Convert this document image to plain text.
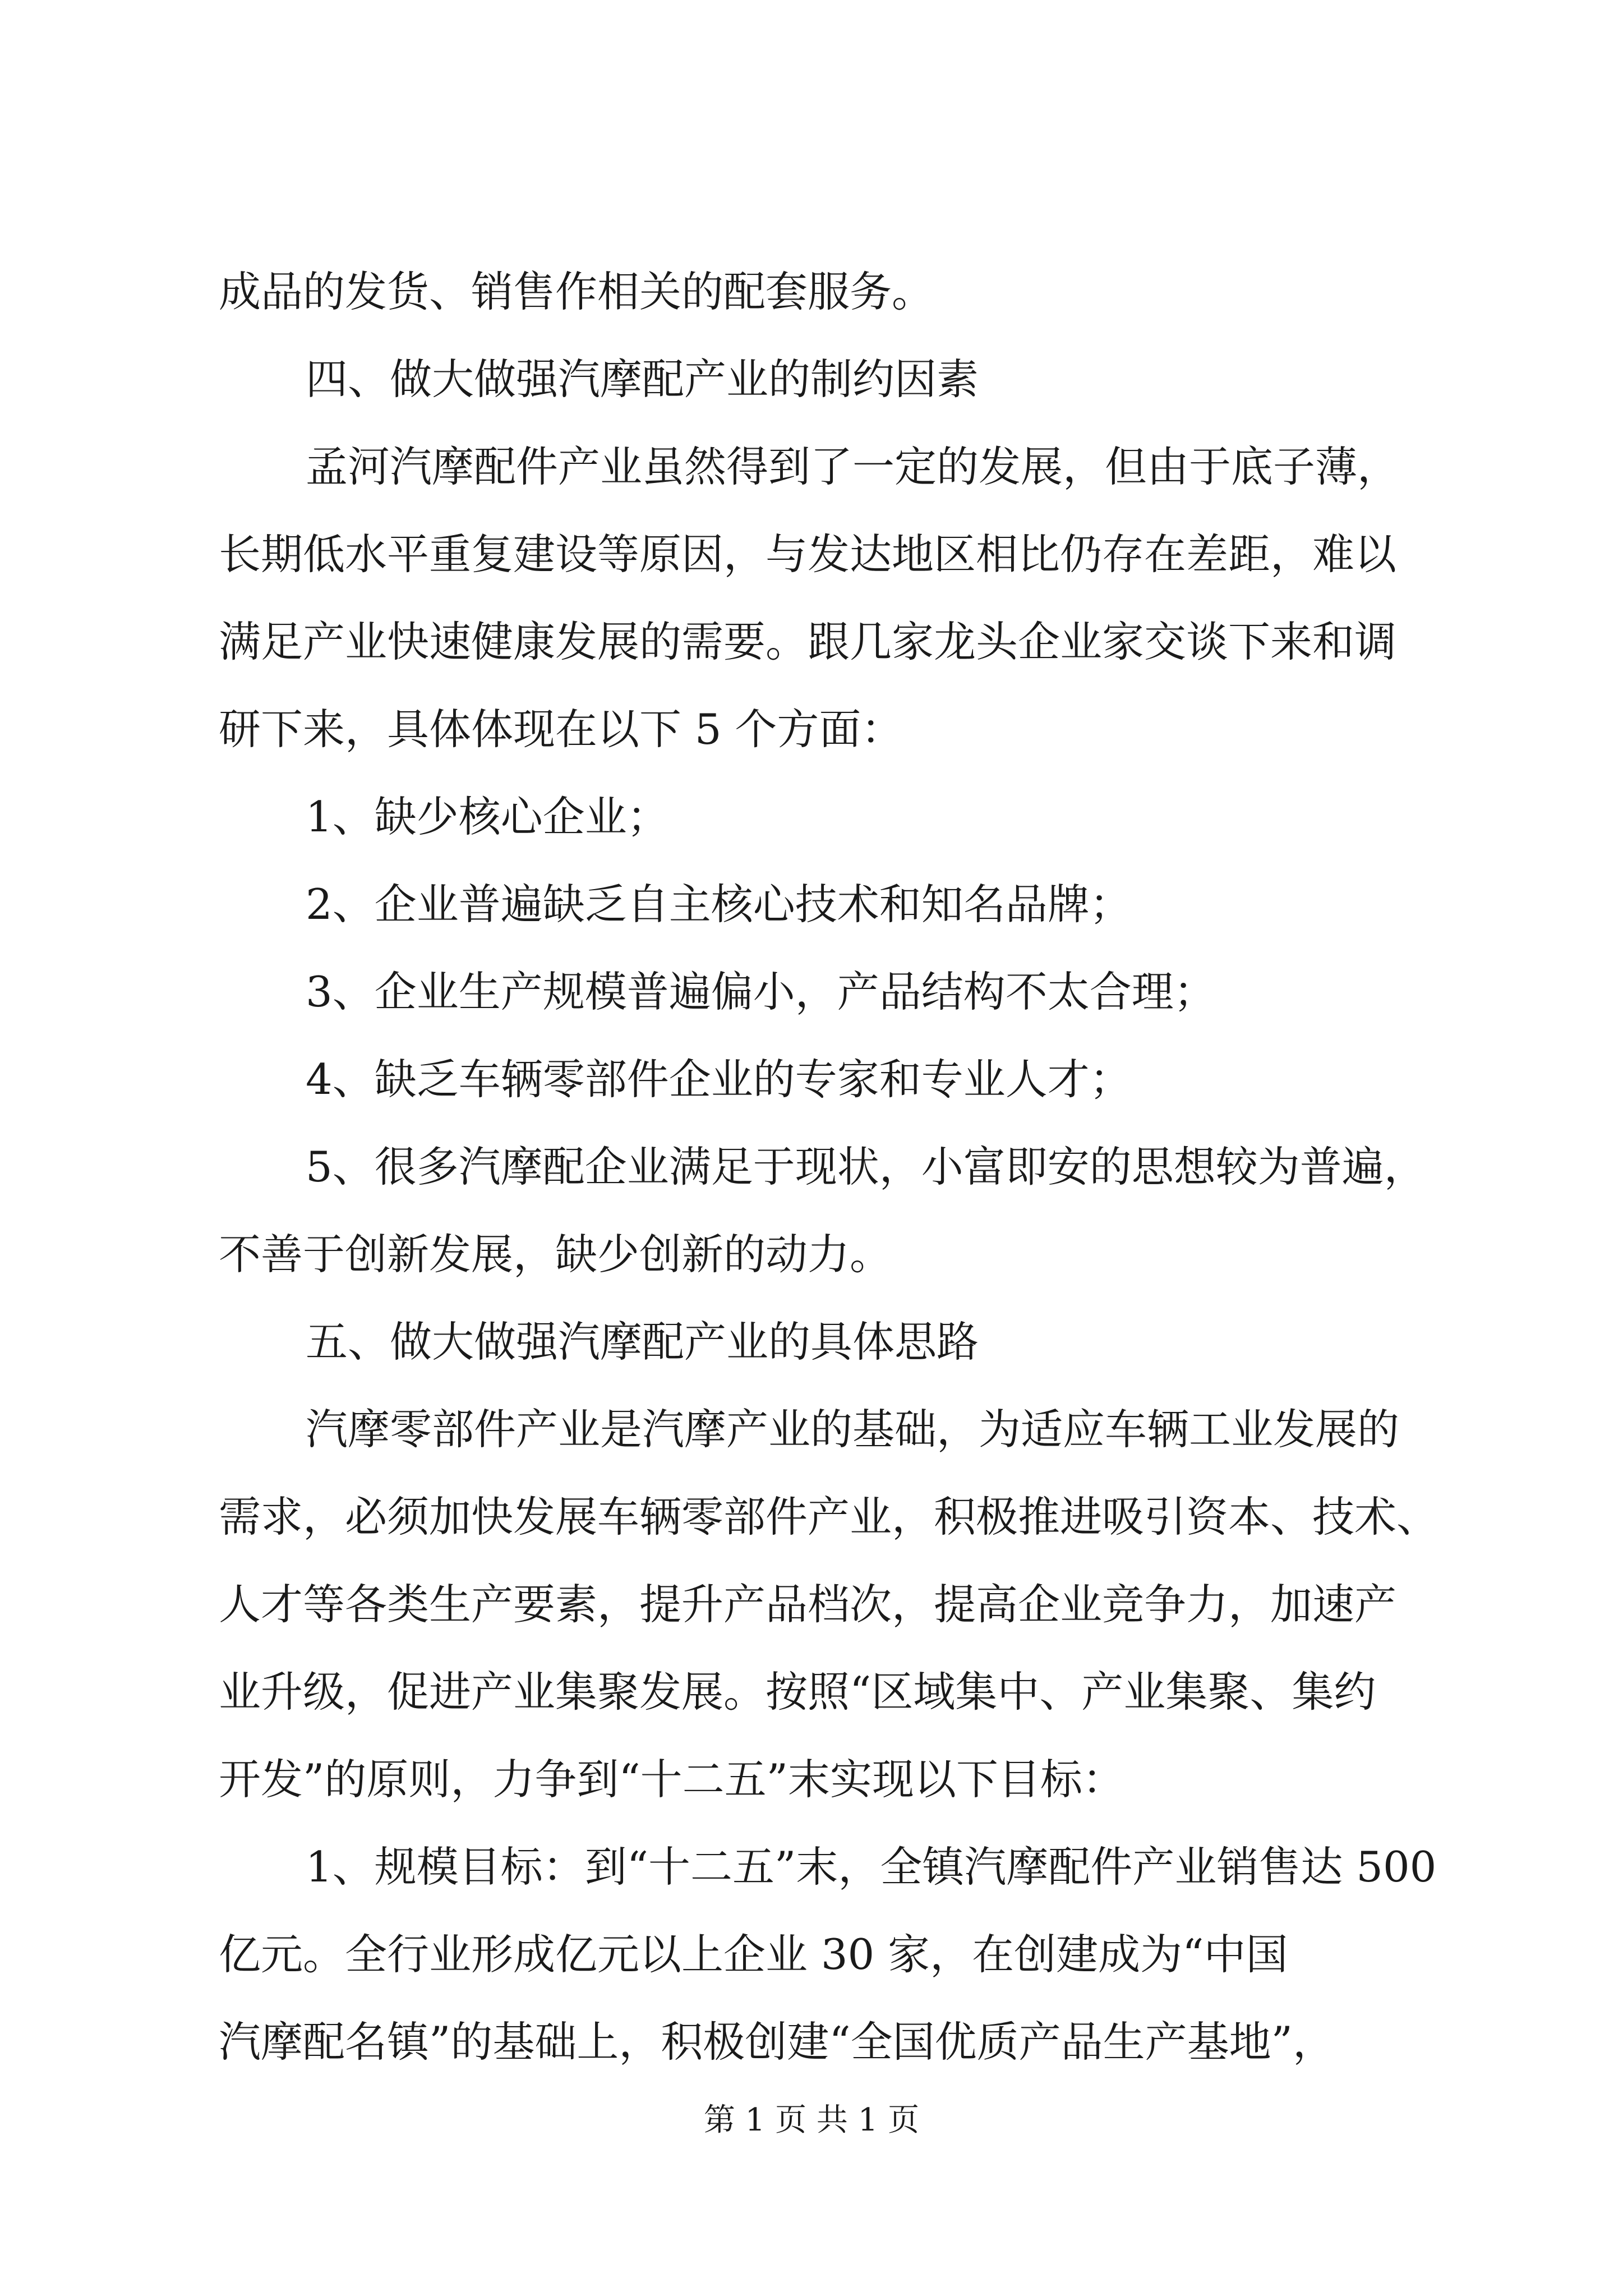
成品的发货、销售作相关的配套服务。
四、做大做强汽摩配产业的制约因素
孟河汽摩配件产业虽然得到了一定的发展，但由于底子薄，
长期低水平重复建设等原因，与发达地区相比仍存在差距，难以
满足产业快速健康发展的需要。跟几家龙头企业家交谈下来和调
研下来，具体体现在以下 5 个方面：
1、缺少核心企业；
2、企业普遍缺乏自主核心技术和知名品牌；
3、企业生产规模普遍偏小，产品结构不太合理；
4、缺乏车辆零部件企业的专家和专业人才；
5、很多汽摩配企业满足于现状，小富即安的思想较为普遍，
不善于创新发展，缺少创新的动力。
五、做大做强汽摩配产业的具体思路
汽摩零部件产业是汽摩产业的基础，为适应车辆工业发展的
需求，必须加快发展车辆零部件产业，积极推进吸引资本、技术、
人才等各类生产要素，提升产品档次，提高企业竞争力，加速产
业升级，促进产业集聚发展。按照“区域集中、产业集聚、集约
开发”的原则，力争到“十二五”末实现以下目标：
1、规模目标：到“十二五”末，全镇汽摩配件产业销售达 500
亿元。全行业形成亿元以上企业 30 家，在创建成为“中国
汽摩配名镇”的基础上，积极创建“全国优质产品生产基地”，
第 1 页 共 1 页
